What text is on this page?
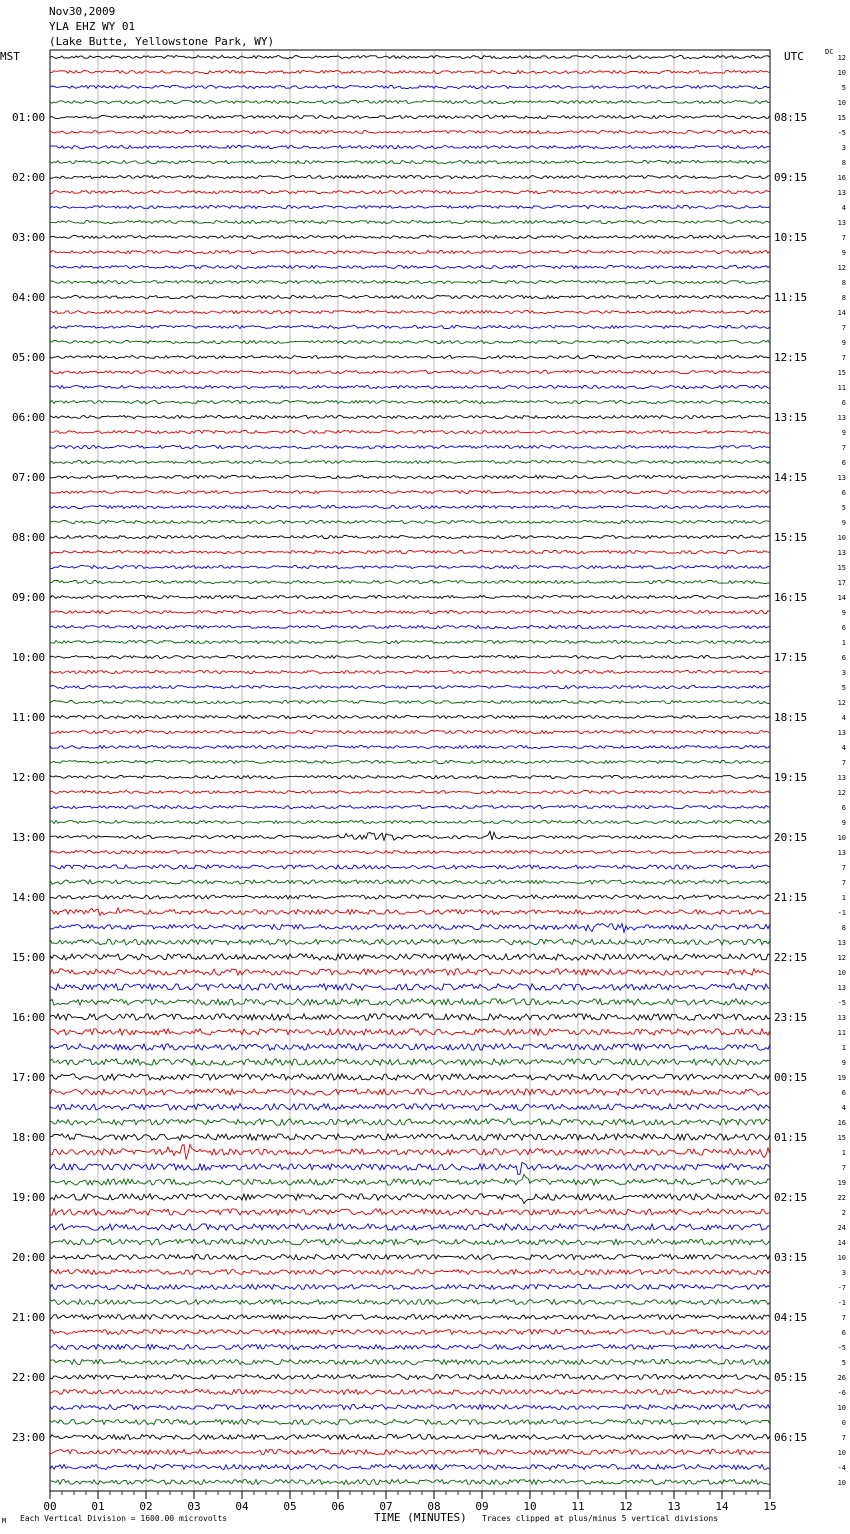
Nov30,2009
YLA EHZ WY 01
(Lake Butte, Yellowstone Park, WY)
MST	UTC	DC
12
10
5
10
15
-5
3
8
16
13
4
13
7
9
12
8
8
14
7
9
7
15
11
6
13
9
7
6
13
6
5
9
10
13
15
17
14
9
6
1
6
3
5
12
4
13
4
7
13
12
6
9
10
13
7
7
1
-1
8
13
12
10
13
-5
13
11
1
9
19
6
4
16
15
1
7
19
22
2
24
14
10
3
-7
-1
7
6
-5
5
26
-6
10
0
7
10
-4
10
00	01	02	03	04	05	06	07	08	09	10	11	12	13	14	15
01:00
02:00
03:00
04:00
05:00
06:00
07:00
08:00
09:00
10:00
11:00
12:00
13:00
14:00
15:00
16:00
17:00
18:00
19:00
20:00
21:00
22:00
23:00
08:15
09:15
10:15
11:15
12:15
13:15
14:15
15:15
16:15
17:15
18:15
19:15
20:15
21:15
22:15
23:15
00:15
01:15
02:15
03:15
04:15
05:15
06:15
M Each Vertical Division = 1600.00 microvolts	TIME (MINUTES) Traces clipped at plus/minus 5 vertical divisions
